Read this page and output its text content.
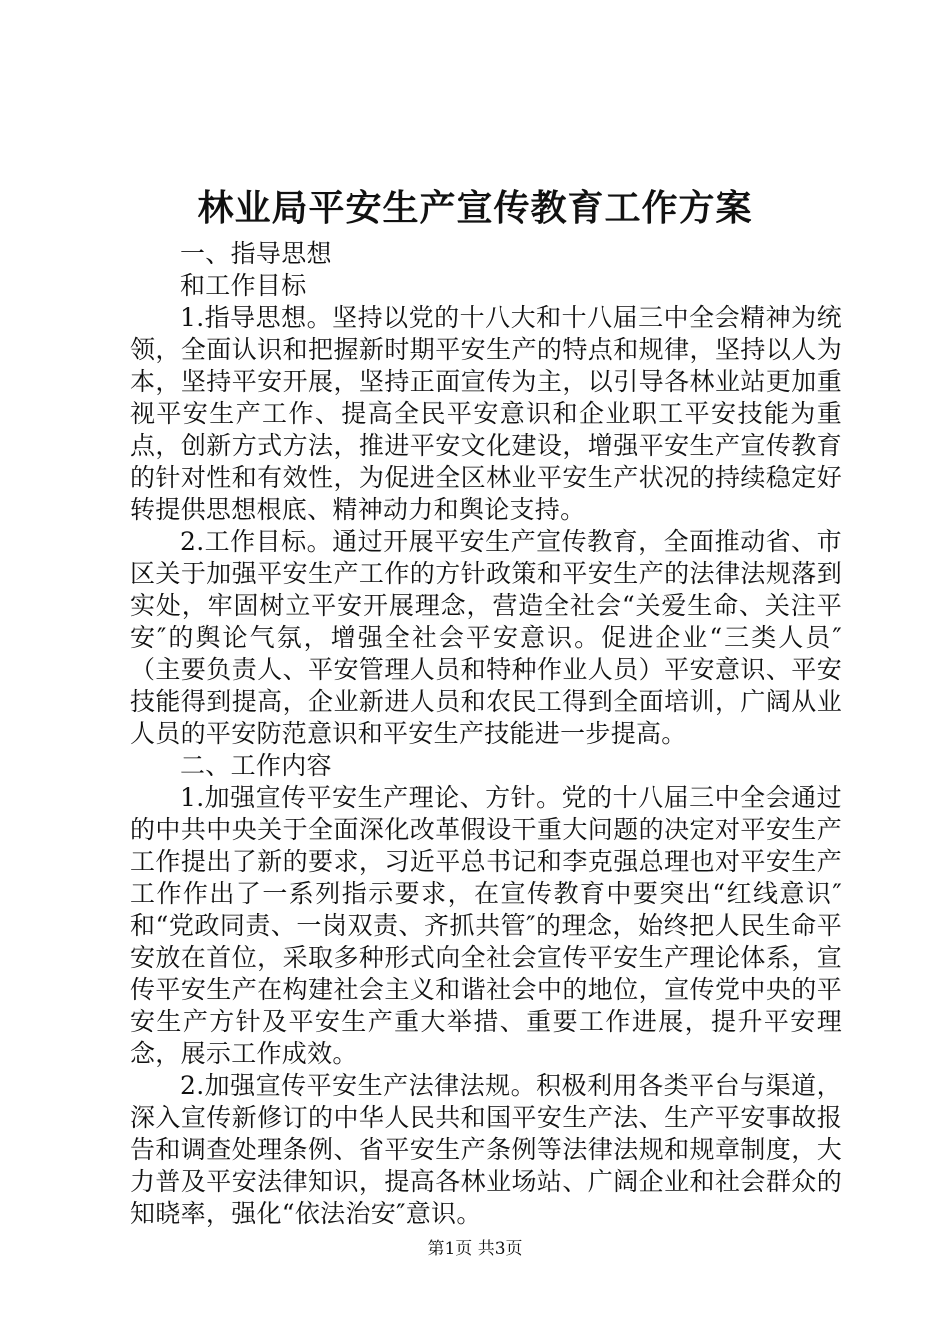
林业局平安生产宣传教育工作方案

一、指导思想

和工作目标

1.指导思想。坚持以党的十八大和十八届三中全会精神为统领，全面认识和把握新时期平安生产的特点和规律，坚持以人为本，坚持平安开展，坚持正面宣传为主，以引导各林业站更加重视平安生产工作、提高全民平安意识和企业职工平安技能为重点，创新方式方法，推进平安文化建设，增强平安生产宣传教育的针对性和有效性，为促进全区林业平安生产状况的持续稳定好转提供思想根底、精神动力和舆论支持。

2.工作目标。通过开展平安生产宣传教育，全面推动省、市区关于加强平安生产工作的方针政策和平安生产的法律法规落到实处，牢固树立平安开展理念，营造全社会“关爱生命、关注平安″的舆论气氛，增强全社会平安意识。促进企业“三类人员″（主要负责人、平安管理人员和特种作业人员）平安意识、平安技能得到提高，企业新进人员和农民工得到全面培训，广阔从业人员的平安防范意识和平安生产技能进一步提高。

二、工作内容

1.加强宣传平安生产理论、方针。党的十八届三中全会通过的中共中央关于全面深化改革假设干重大问题的决定对平安生产工作提出了新的要求，习近平总书记和李克强总理也对平安生产工作作出了一系列指示要求，在宣传教育中要突出“红线意识″和“党政同责、一岗双责、齐抓共管″的理念，始终把人民生命平安放在首位，采取多种形式向全社会宣传平安生产理论体系，宣传平安生产在构建社会主义和谐社会中的地位，宣传党中央的平安生产方针及平安生产重大举措、重要工作进展，提升平安理念，展示工作成效。

2.加强宣传平安生产法律法规。积极利用各类平台与渠道，深入宣传新修订的中华人民共和国平安生产法、生产平安事故报告和调查处理条例、省平安生产条例等法律法规和规章制度，大力普及平安法律知识，提高各林业场站、广阔企业和社会群众的知晓率，强化“依法治安″意识。

第1页 共3页
